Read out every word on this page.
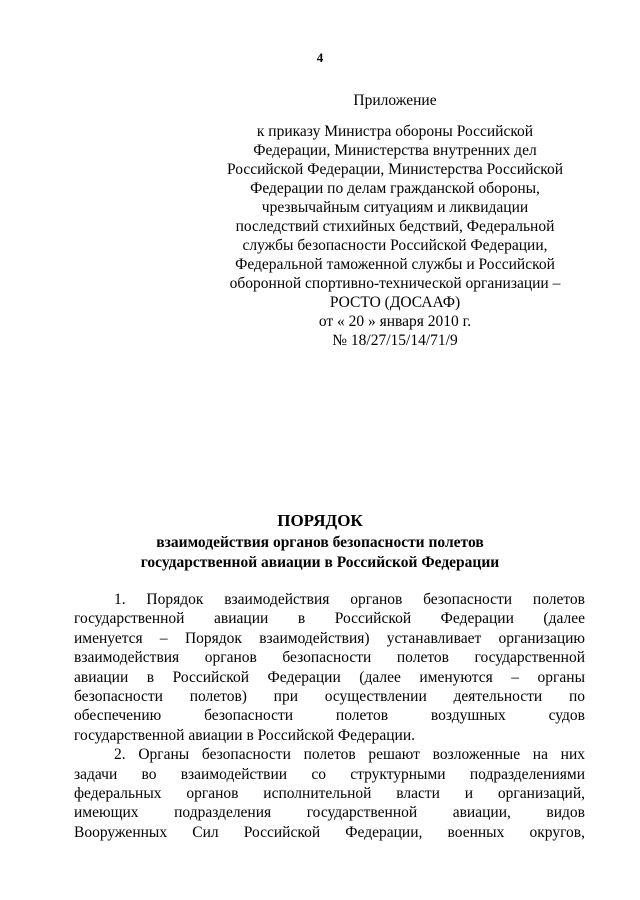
4
Приложение
к приказу Министра обороны Российской
Федерации, Министерства внутренних дел
Российской Федерации, Министерства Российской
Федерации по делам гражданской обороны,
чрезвычайным ситуациям и ликвидации
последствий стихийных бедствий, Федеральной
службы безопасности Российской Федерации,
Федеральной таможенной службы и Российской
оборонной спортивно-технической организации –
РОСТО (ДОСААФ)
от « 20 » января 2010 г.
№ 18/27/15/14/71/9
ПОРЯДОК
взаимодействия органов безопасности полетов
государственной авиации в Российской Федерации
1. Порядок взаимодействия органов безопасности полетов
государственной авиации в Российской Федерации (далее
именуется – Порядок взаимодействия) устанавливает организацию
взаимодействия органов безопасности полетов государственной
авиации в Российской Федерации (далее именуются – органы
безопасности полетов) при осуществлении деятельности по
обеспечению безопасности полетов воздушных судов
государственной авиации в Российской Федерации.
2. Органы безопасности полетов решают возложенные на них
задачи во взаимодействии со структурными подразделениями
федеральных органов исполнительной власти и организаций,
имеющих подразделения государственной авиации, видов
Вооруженных Сил Российской Федерации, военных округов,
